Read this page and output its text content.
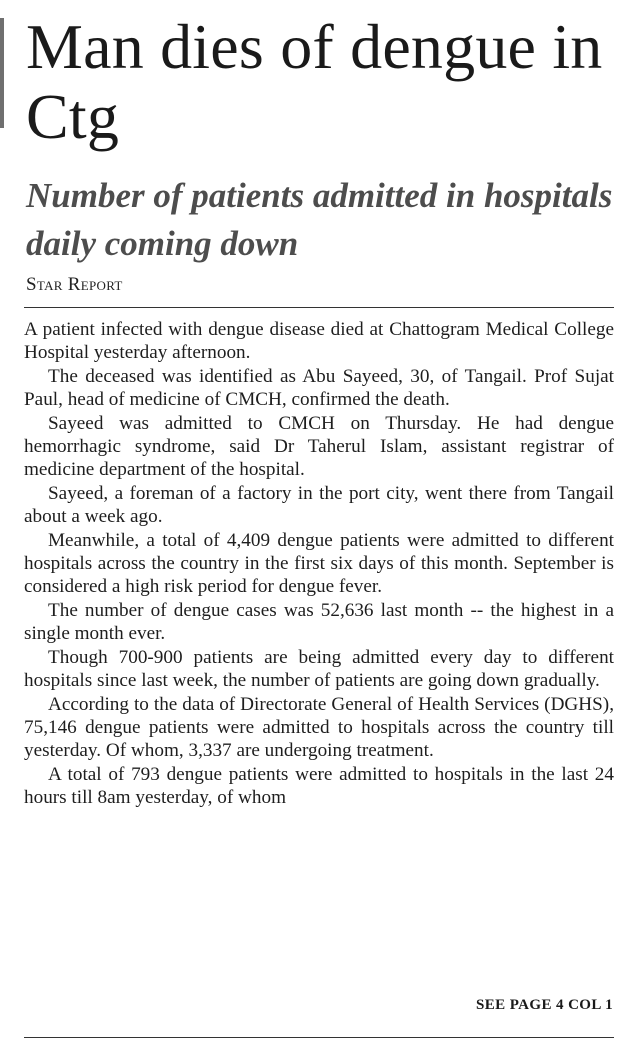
Man dies of dengue in Ctg
Number of patients admitted in hospitals daily coming down
Star Report

A patient infected with dengue disease died at Chattogram Medical College Hospital yesterday afternoon.

The deceased was identified as Abu Sayeed, 30, of Tangail. Prof Sujat Paul, head of medicine of CMCH, confirmed the death.

Sayeed was admitted to CMCH on Thursday. He had dengue hemorrhagic syndrome, said Dr Taherul Islam, assistant registrar of medicine department of the hospital.

Sayeed, a foreman of a factory in the port city, went there from Tangail about a week ago.

Meanwhile, a total of 4,409 dengue patients were admitted to different hospitals across the country in the first six days of this month. September is considered a high risk period for dengue fever.

The number of dengue cases was 52,636 last month -- the highest in a single month ever.

Though 700-900 patients are being admitted every day to different hospitals since last week, the number of patients are going down gradually.

According to the data of Directorate General of Health Services (DGHS), 75,146 dengue patients were admitted to hospitals across the country till yesterday. Of whom, 3,337 are undergoing treatment.

A total of 793 dengue patients were admitted to hospitals in the last 24 hours till 8am yesterday, of whom

SEE PAGE 4 COL 1
